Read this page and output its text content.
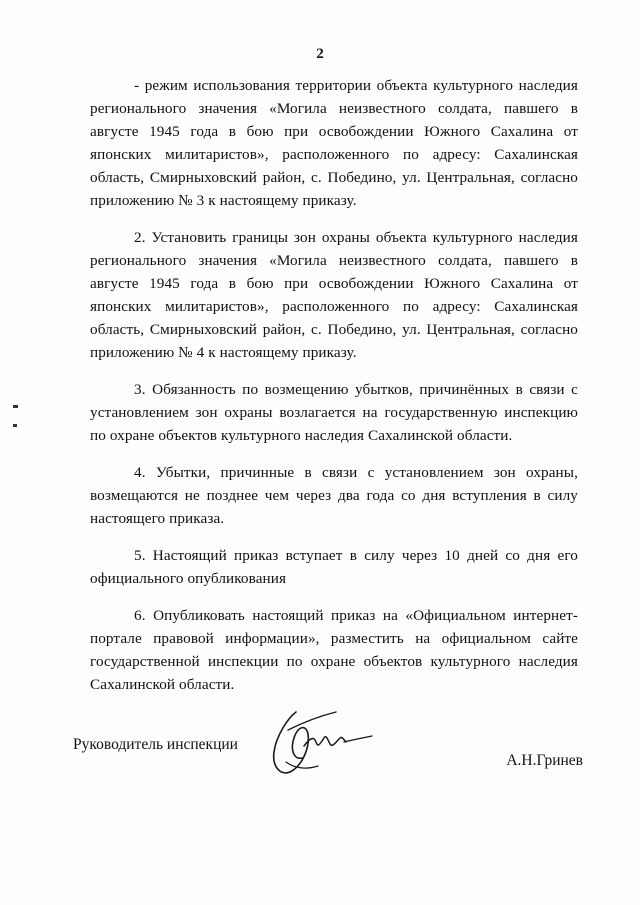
2

- режим использования территории объекта культурного наследия регионального значения «Могила неизвестного солдата, павшего в августе 1945 года в бою при освобождении Южного Сахалина от японских милитаристов», расположенного по адресу: Сахалинская область, Смирныховский район, с. Победино, ул. Центральная, согласно приложению № 3 к настоящему приказу.

2. Установить границы зон охраны объекта культурного наследия регионального значения «Могила неизвестного солдата, павшего в августе 1945 года в бою при освобождении Южного Сахалина от японских милитаристов», расположенного по адресу: Сахалинская область, Смирныховский район, с. Победино, ул. Центральная, согласно приложению № 4 к настоящему приказу.

3. Обязанность по возмещению убытков, причинённых в связи с установлением зон охраны возлагается на государственную инспекцию по охране объектов культурного наследия Сахалинской области.

4. Убытки, причинные в связи с установлением зон охраны, возмещаются не позднее чем через два года со дня вступления в силу настоящего приказа.

5. Настоящий приказ вступает в силу через 10 дней со дня его официального опубликования

6. Опубликовать настоящий приказ на «Официальном интернет-портале правовой информации», разместить на официальном сайте государственной инспекции по охране объектов культурного наследия Сахалинской области.

Руководитель инспекции
А.Н.Гринев
